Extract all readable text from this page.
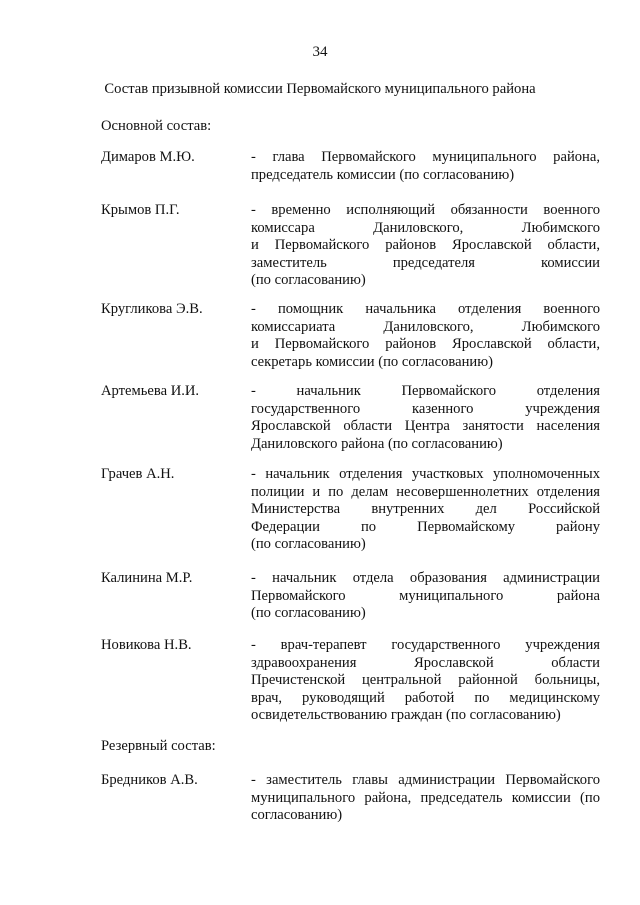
34
Состав призывной комиссии Первомайского муниципального района
Основной состав:
Димаров М.Ю.	- глава Первомайского муниципального района,
председатель комиссии (по согласованию)
Крымов П.Г.	- временно исполняющий обязанности военного
комиссара Даниловского, Любимского
и Первомайского районов Ярославской области,
заместитель председателя комиссии
(по согласованию)
Кругликова Э.В.	- помощник начальника отделения военного
комиссариата Даниловского, Любимского
и Первомайского районов Ярославской области,
секретарь комиссии (по согласованию)
Артемьева И.И.	- начальник Первомайского отделения
государственного казенного учреждения
Ярославской области Центра занятости населения
Даниловского района (по согласованию)
Грачев А.Н.	- начальник отделения участковых уполномоченных
полиции и по делам несовершеннолетних отделения
Министерства внутренних дел Российской
Федерации по Первомайскому району
(по согласованию)
Калинина М.Р.	- начальник отдела образования администрации
Первомайского муниципального района
(по согласованию)
Новикова Н.В.	- врач-терапевт государственного учреждения
здравоохранения Ярославской области
Пречистенской центральной районной больницы,
врач, руководящий работой по медицинскому
освидетельствованию граждан (по согласованию)
Резервный состав:
Бредников А.В.	- заместитель главы администрации Первомайского
муниципального района, председатель комиссии (по
согласованию)
